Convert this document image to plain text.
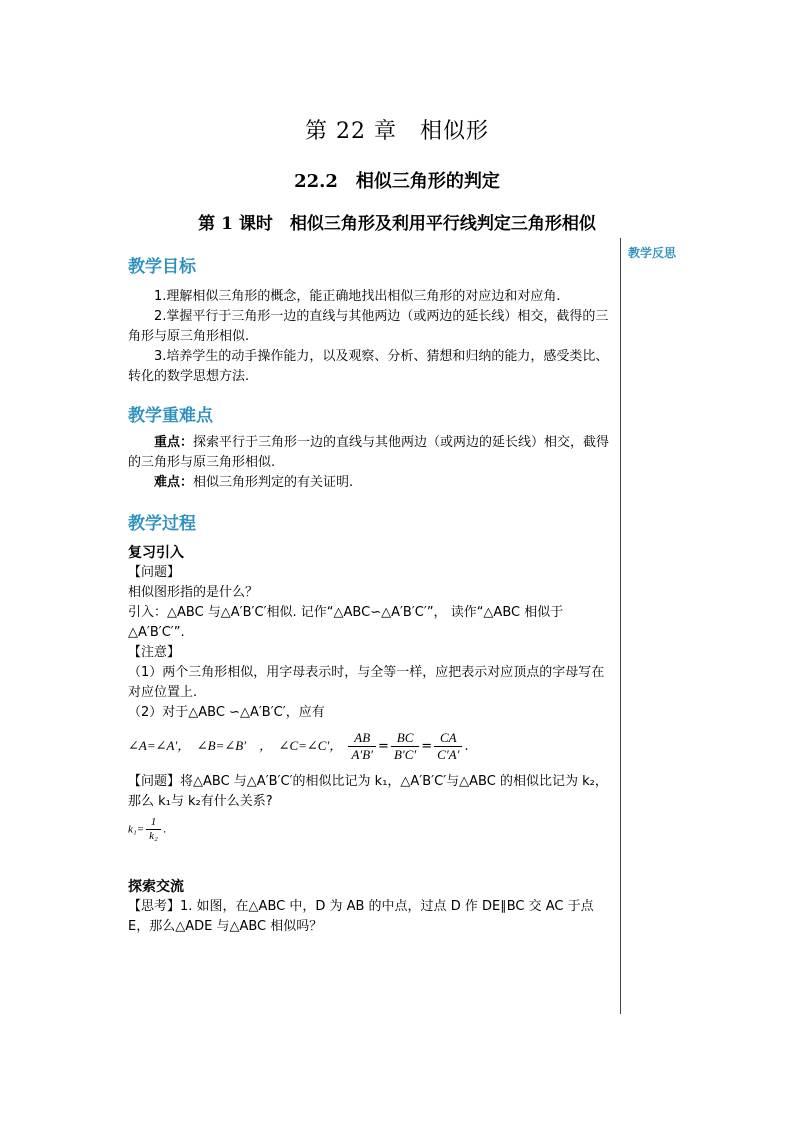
第 22 章　相似形
22.2　相似三角形的判定
第 1 课时　相似三角形及利用平行线判定三角形相似
教学反思
教学目标
1.理解相似三角形的概念，能正确地找出相似三角形的对应边和对应角.
2.掌握平行于三角形一边的直线与其他两边（或两边的延长线）相交，截得的三角形与原三角形相似.
3.培养学生的动手操作能力，以及观察、分析、猜想和归纳的能力，感受类比、转化的数学思想方法.
教学重难点
重点：探索平行于三角形一边的直线与其他两边（或两边的延长线）相交，截得的三角形与原三角形相似.
难点：相似三角形判定的有关证明.
教学过程
复习引入
【问题】
相似图形指的是什么？
引入：△ABC 与△A′B′C′相似. 记作“△ABC∽△A′B′C′”， 读作“△ABC 相似于△A′B′C′”.
【注意】
（1）两个三角形相似，用字母表示时，与全等一样，应把表示对应顶点的字母写在对应位置上.
（2）对于△ABC ∽△A′B′C′，应有
∠A=∠A′，　∠B=∠B′　，　∠C=∠C′， $\frac{AB}{A'B'} = \frac{BC}{B'C'} = \frac{CA}{C'A'}$ .
【问题】将△ABC 与△A′B′C′的相似比记为 k₁，△A′B′C′与△ABC 的相似比记为 k₂，那么 k₁与 k₂有什么关系?
$k_1= \frac{1}{\text{k₂}}$ .
探索交流
【思考】1. 如图，在△ABC 中，D 为 AB 的中点，过点 D 作 DE∥BC 交 AC 于点 E，那么△ADE 与△ABC 相似吗？
